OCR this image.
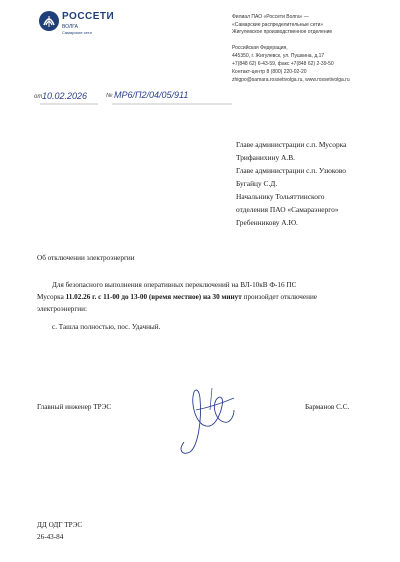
РОССЕТИ
ВОЛГА
Самарские сети
Филиал ПАО «Россети Волга» —
«Самарские распределительные сети»
Жигулевское производственное отделение
Российская Федерация,
445350, г. Жигулевск, ул. Пушкина, д.17
+7(848 62) 6-43-59, факс +7(848 62) 2-39-50
Контакт-центр 8 (800) 220-02-20
zhigpo@samara.rossetivolga.ru, www.rossetivolga.ru
от 10.02.2026	№ МР6/П2/04/05/911
Главе администрации с.п. Мусорка
Трифанихину А.В.
Главе администрации с.п. Узюково
Бугайцу С.Д.
Начальнику Тольяттинского
отделения ПАО «Самараэнерго»
Гребенникову А.Ю.
Об отключении электроэнергии
Для безопасного выполнения оперативных переключений на ВЛ-10кВ Ф-16 ПС
Мусорка 11.02.26 г. с 11-00 до 13-00 (время местное) на 30 минут произойдет отключение
электроэнергии:
с. Ташла полностью, пос. Удачный.
Главный инженер ТРЭС	Барманов С.С.
ДД ОДГ ТРЭС
26-43-84
